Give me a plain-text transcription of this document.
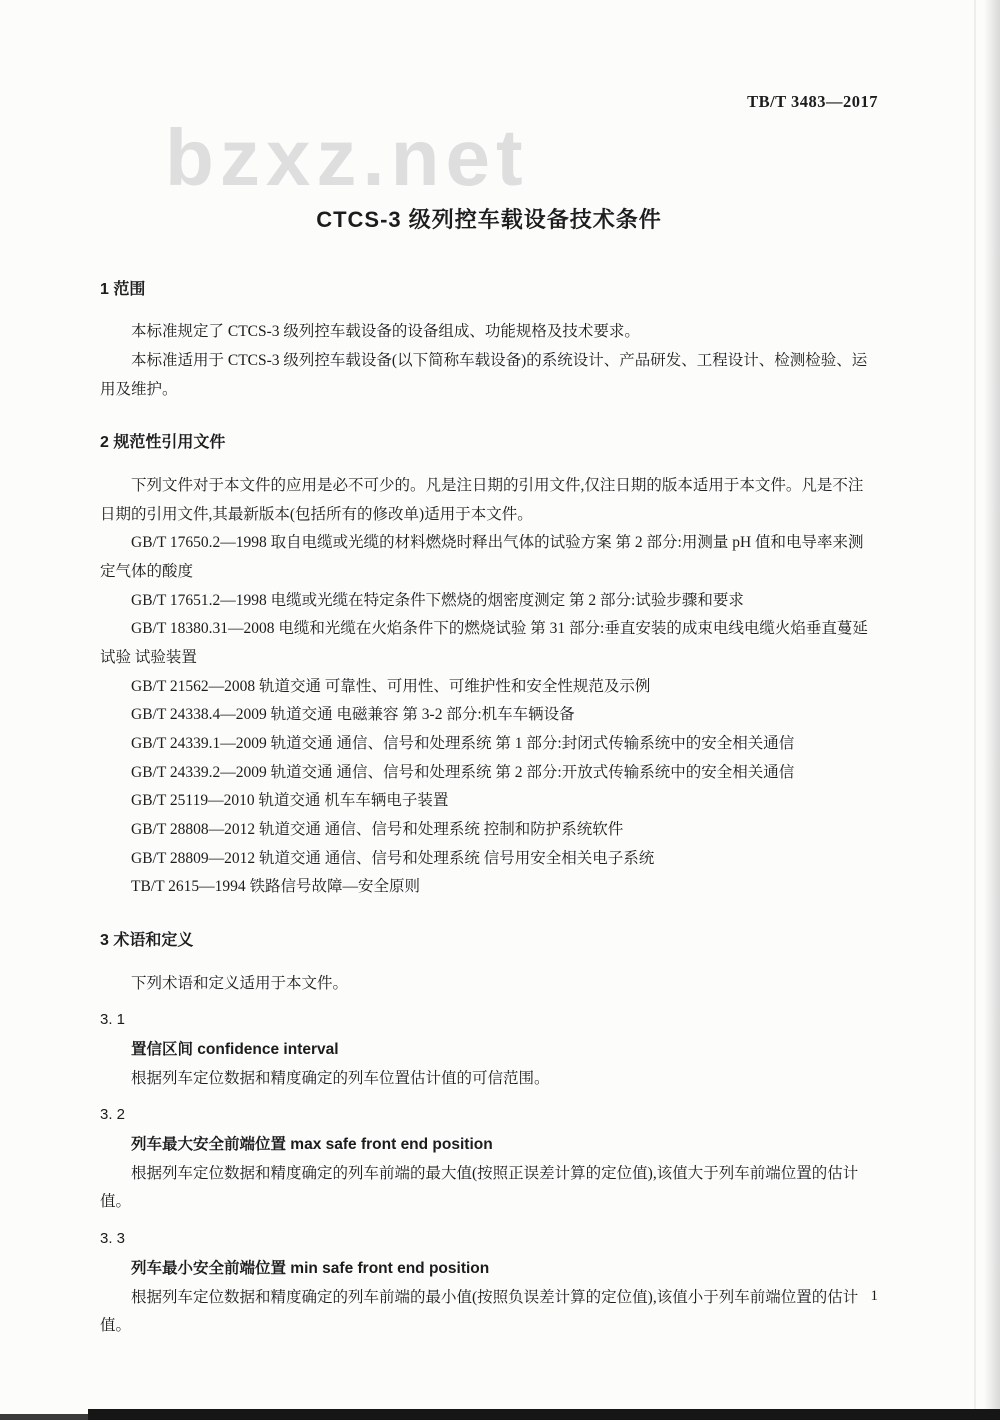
TB/T 3483—2017
bzxz.net
CTCS-3 级列控车载设备技术条件
1 范围

本标准规定了 CTCS-3 级列控车载设备的设备组成、功能规格及技术要求。

本标准适用于 CTCS-3 级列控车载设备(以下简称车载设备)的系统设计、产品研发、工程设计、检测检验、运用及维护。

2 规范性引用文件

下列文件对于本文件的应用是必不可少的。凡是注日期的引用文件,仅注日期的版本适用于本文件。凡是不注日期的引用文件,其最新版本(包括所有的修改单)适用于本文件。

GB/T 17650.2—1998 取自电缆或光缆的材料燃烧时释出气体的试验方案 第 2 部分:用测量 pH 值和电导率来测定气体的酸度

GB/T 17651.2—1998 电缆或光缆在特定条件下燃烧的烟密度测定 第 2 部分:试验步骤和要求

GB/T 18380.31—2008 电缆和光缆在火焰条件下的燃烧试验 第 31 部分:垂直安装的成束电线电缆火焰垂直蔓延试验 试验装置

GB/T 21562—2008 轨道交通 可靠性、可用性、可维护性和安全性规范及示例

GB/T 24338.4—2009 轨道交通 电磁兼容 第 3-2 部分:机车车辆设备

GB/T 24339.1—2009 轨道交通 通信、信号和处理系统 第 1 部分:封闭式传输系统中的安全相关通信

GB/T 24339.2—2009 轨道交通 通信、信号和处理系统 第 2 部分:开放式传输系统中的安全相关通信

GB/T 25119—2010 轨道交通 机车车辆电子装置

GB/T 28808—2012 轨道交通 通信、信号和处理系统 控制和防护系统软件

GB/T 28809—2012 轨道交通 通信、信号和处理系统 信号用安全相关电子系统

TB/T 2615—1994 铁路信号故障—安全原则

3 术语和定义

下列术语和定义适用于本文件。

3. 1

置信区间 confidence interval

根据列车定位数据和精度确定的列车位置估计值的可信范围。

3. 2

列车最大安全前端位置 max safe front end position

根据列车定位数据和精度确定的列车前端的最大值(按照正误差计算的定位值),该值大于列车前端位置的估计值。

3. 3

列车最小安全前端位置 min safe front end position

根据列车定位数据和精度确定的列车前端的最小值(按照负误差计算的定位值),该值小于列车前端位置的估计值。

1
